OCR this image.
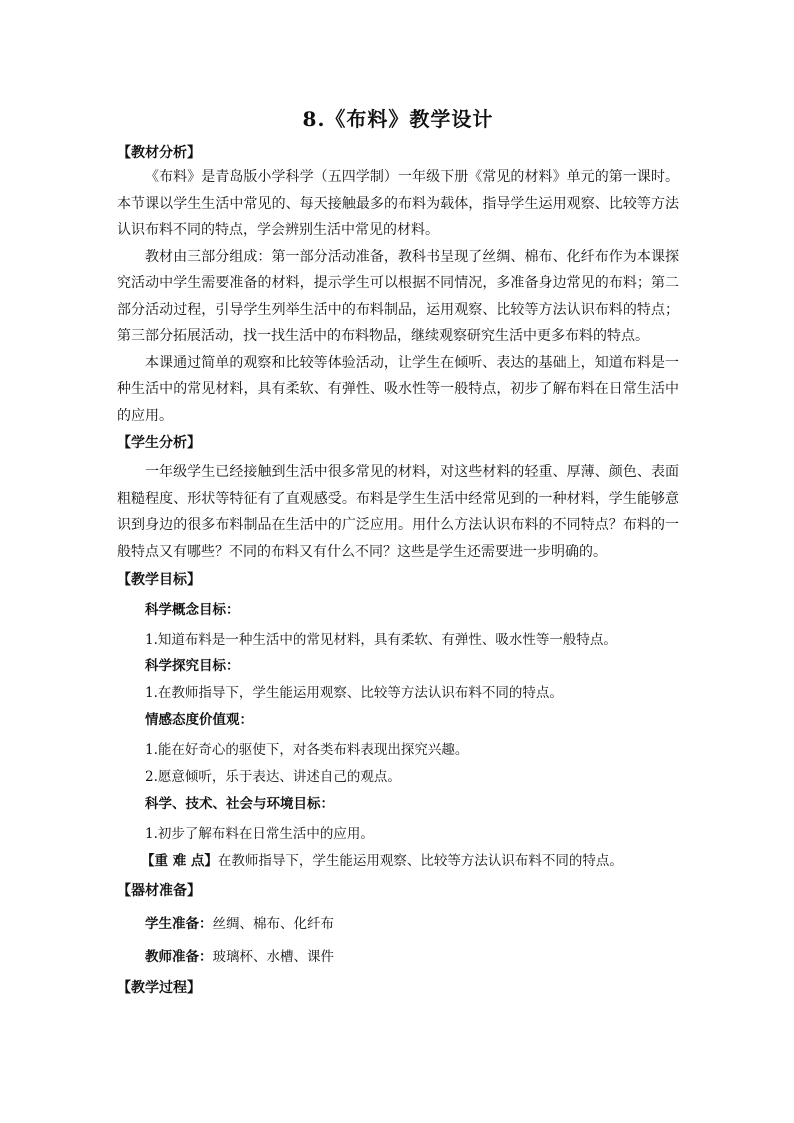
8.《布料》教学设计

【教材分析】

《布料》是青岛版小学科学（五四学制）一年级下册《常见的材料》单元的第一课时。本节课以学生生活中常见的、每天接触最多的布料为载体，指导学生运用观察、比较等方法认识布料不同的特点，学会辨别生活中常见的材料。

教材由三部分组成：第一部分活动准备，教科书呈现了丝绸、棉布、化纤布作为本课探究活动中学生需要准备的材料，提示学生可以根据不同情况，多准备身边常见的布料；第二部分活动过程，引导学生列举生活中的布料制品，运用观察、比较等方法认识布料的特点；第三部分拓展活动，找一找生活中的布料物品，继续观察研究生活中更多布料的特点。

本课通过简单的观察和比较等体验活动，让学生在倾听、表达的基础上，知道布料是一种生活中的常见材料，具有柔软、有弹性、吸水性等一般特点，初步了解布料在日常生活中的应用。

【学生分析】

一年级学生已经接触到生活中很多常见的材料，对这些材料的轻重、厚薄、颜色、表面粗糙程度、形状等特征有了直观感受。布料是学生生活中经常见到的一种材料，学生能够意识到身边的很多布料制品在生活中的广泛应用。用什么方法认识布料的不同特点？布料的一般特点又有哪些？不同的布料又有什么不同？这些是学生还需要进一步明确的。

【教学目标】

科学概念目标：

1.知道布料是一种生活中的常见材料，具有柔软、有弹性、吸水性等一般特点。

科学探究目标：

1.在教师指导下，学生能运用观察、比较等方法认识布料不同的特点。

情感态度价值观：

1.能在好奇心的驱使下，对各类布料表现出探究兴趣。

2.愿意倾听，乐于表达、讲述自己的观点。

科学、技术、社会与环境目标：

1.初步了解布料在日常生活中的应用。

【重 难 点】在教师指导下，学生能运用观察、比较等方法认识布料不同的特点。

【器材准备】

学生准备：丝绸、棉布、化纤布

教师准备：玻璃杯、水槽、课件

【教学过程】
